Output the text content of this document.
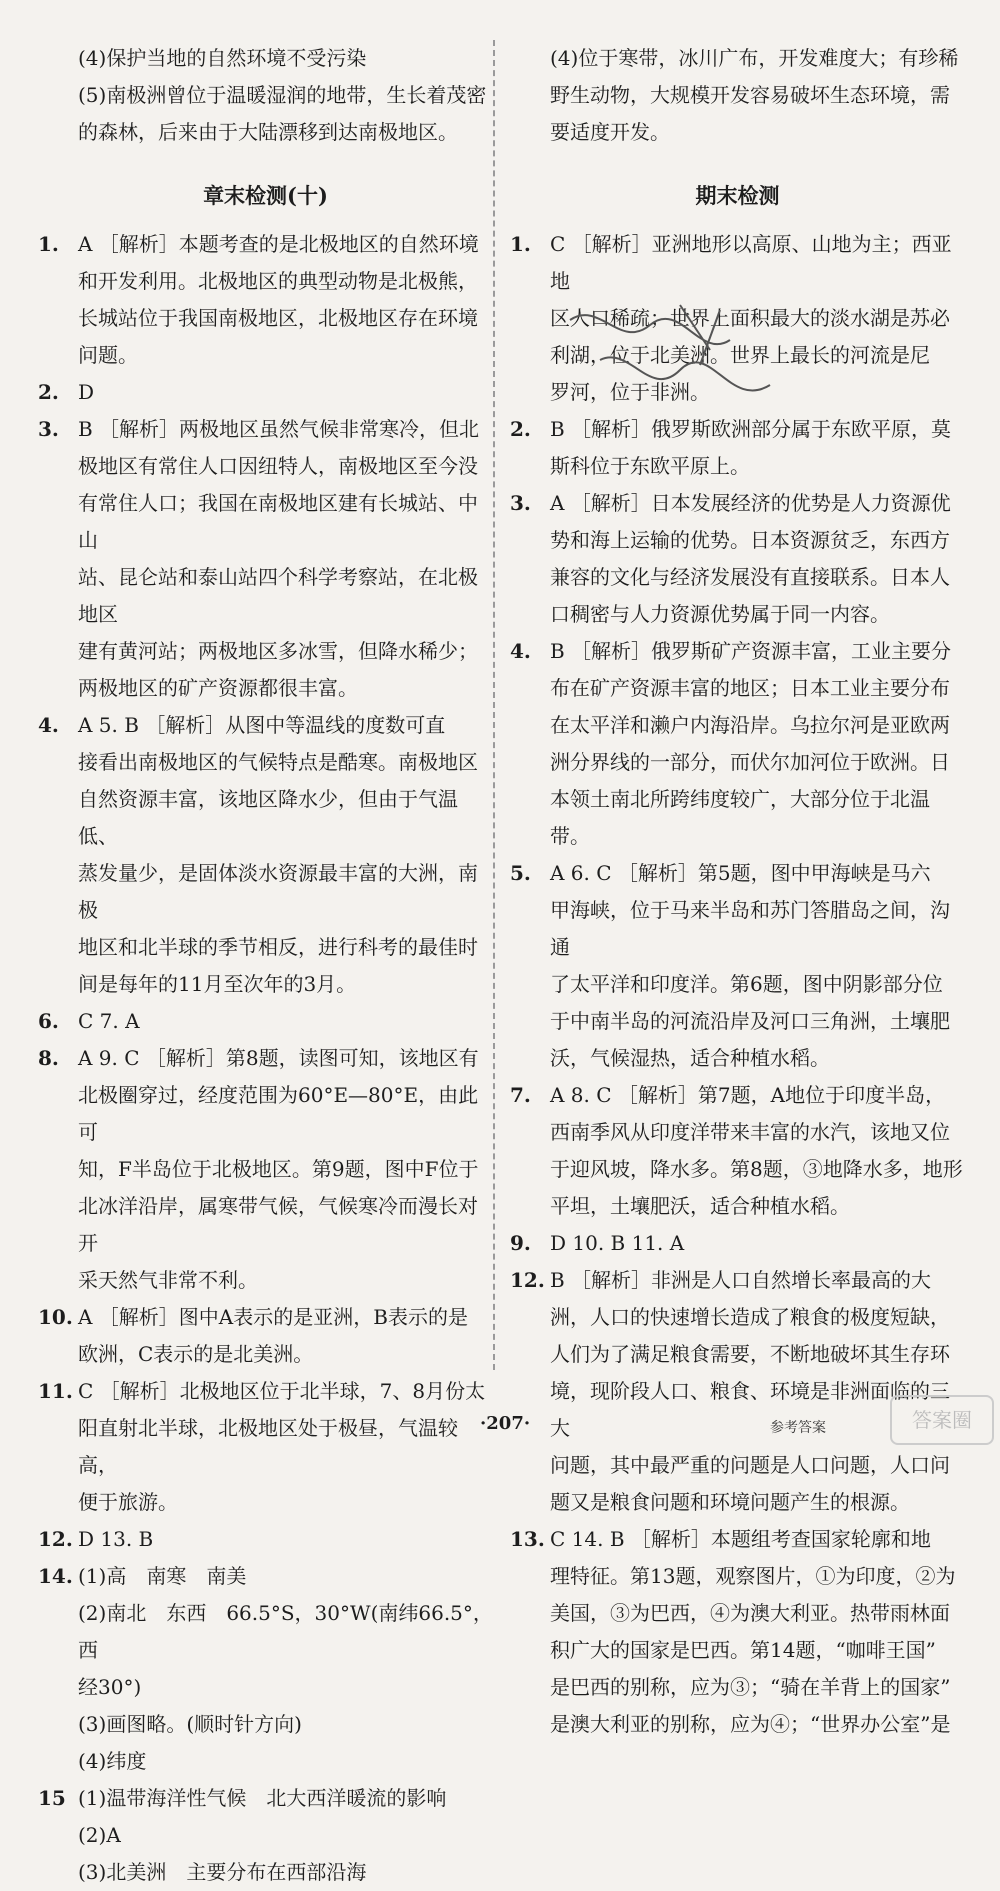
(4)保护当地的自然环境不受污染

(5)南极洲曾位于温暖湿润的地带，生长着茂密

的森林，后来由于大陆漂移到达南极地区。

章末检测(十)

1. A ［解析］本题考查的是北极地区的自然环境

和开发利用。北极地区的典型动物是北极熊，

长城站位于我国南极地区，北极地区存在环境

问题。

2. D

3. B ［解析］两极地区虽然气候非常寒冷，但北

极地区有常住人口因纽特人，南极地区至今没

有常住人口；我国在南极地区建有长城站、中山

站、昆仑站和泰山站四个科学考察站，在北极地区

建有黄河站；两极地区多冰雪，但降水稀少；

两极地区的矿产资源都很丰富。

4. A 5. B ［解析］从图中等温线的度数可直

接看出南极地区的气候特点是酷寒。南极地区

自然资源丰富，该地区降水少，但由于气温低、

蒸发量少，是固体淡水资源最丰富的大洲，南极

地区和北半球的季节相反，进行科考的最佳时

间是每年的11月至次年的3月。

6. C 7. A

8. A 9. C ［解析］第8题，读图可知，该地区有

北极圈穿过，经度范围为60°E—80°E，由此可

知，F半岛位于北极地区。第9题，图中F位于

北冰洋沿岸，属寒带气候，气候寒冷而漫长对开

采天然气非常不利。

10. A ［解析］图中A表示的是亚洲，B表示的是

欧洲，C表示的是北美洲。

11. C ［解析］北极地区位于北半球，7、8月份太

阳直射北半球，北极地区处于极昼，气温较高，

便于旅游。

12. D 13. B

14. (1)高　南寒　南美

(2)南北　东西　66.5°S，30°W(南纬66.5°，西

经30°)

(3)画图略。(顺时针方向)

(4)纬度

15 (1)温带海洋性气候　北大西洋暖流的影响

(2)A

(3)北美洲　主要分布在西部沿海

(4)位于寒带，冰川广布，开发难度大；有珍稀

野生动物，大规模开发容易破坏生态环境，需

要适度开发。

期末检测

1. C ［解析］亚洲地形以高原、山地为主；西亚地

区人口稀疏；世界上面积最大的淡水湖是苏必

利湖，位于北美洲。世界上最长的河流是尼

罗河，位于非洲。

2. B ［解析］俄罗斯欧洲部分属于东欧平原，莫

斯科位于东欧平原上。

3. A ［解析］日本发展经济的优势是人力资源优

势和海上运输的优势。日本资源贫乏，东西方

兼容的文化与经济发展没有直接联系。日本人

口稠密与人力资源优势属于同一内容。

4. B ［解析］俄罗斯矿产资源丰富，工业主要分

布在矿产资源丰富的地区；日本工业主要分布

在太平洋和濑户内海沿岸。乌拉尔河是亚欧两

洲分界线的一部分，而伏尔加河位于欧洲。日

本领土南北所跨纬度较广，大部分位于北温带。

5. A 6. C ［解析］第5题，图中甲海峡是马六

甲海峡，位于马来半岛和苏门答腊岛之间，沟通

了太平洋和印度洋。第6题，图中阴影部分位

于中南半岛的河流沿岸及河口三角洲，土壤肥

沃，气候湿热，适合种植水稻。

7. A 8. C ［解析］第7题，A地位于印度半岛，

西南季风从印度洋带来丰富的水汽，该地又位

于迎风坡，降水多。第8题，③地降水多，地形

平坦，土壤肥沃，适合种植水稻。

9. D 10. B 11. A

12. B ［解析］非洲是人口自然增长率最高的大

洲，人口的快速增长造成了粮食的极度短缺，

人们为了满足粮食需要，不断地破坏其生存环

境，现阶段人口、粮食、环境是非洲面临的三大

问题，其中最严重的问题是人口问题，人口问

题又是粮食问题和环境问题产生的根源。

13. C 14. B ［解析］本题组考查国家轮廓和地

理特征。第13题，观察图片，①为印度，②为

美国，③为巴西，④为澳大利亚。热带雨林面

积广大的国家是巴西。第14题，“咖啡王国”

是巴西的别称，应为③；“骑在羊背上的国家”

是澳大利亚的别称，应为④；“世界办公室”是

·207·	参考答案	答案圈
